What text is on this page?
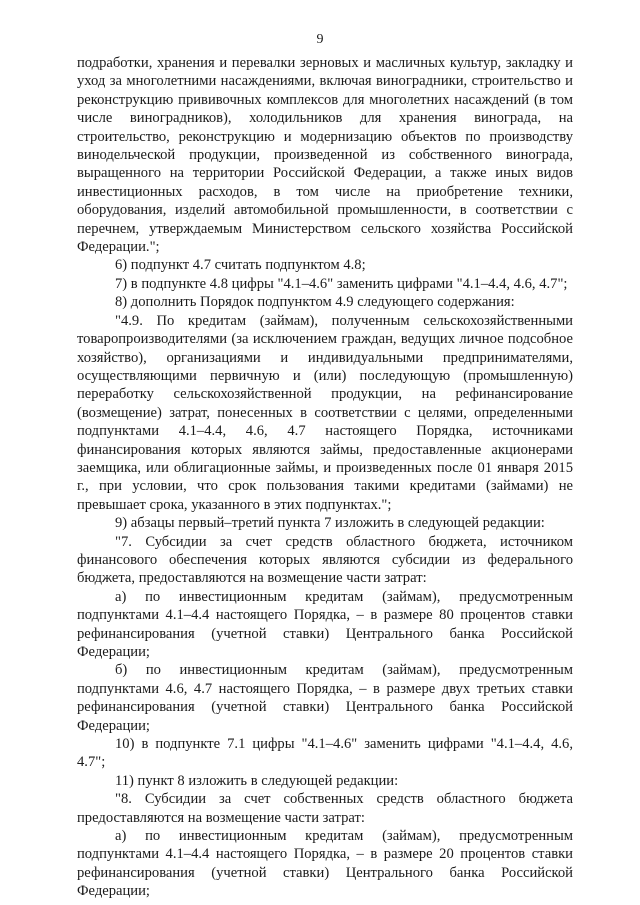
9

подработки, хранения и перевалки зерновых и масличных культур, закладку и уход за многолетними насаждениями, включая виноградники, строительство и реконструкцию прививочных комплексов для многолетних насаждений (в том числе виноградников), холодильников для хранения винограда, на строительство, реконструкцию и модернизацию объектов по производству винодельческой продукции, произведенной из собственного винограда, выращенного на территории Российской Федерации, а также иных видов инвестиционных расходов, в том числе на приобретение техники, оборудования, изделий автомобильной промышленности, в соответствии с перечнем, утверждаемым Министерством сельского хозяйства Российской Федерации.";

6) подпункт 4.7 считать подпунктом 4.8;

7) в подпункте 4.8 цифры "4.1–4.6" заменить цифрами "4.1–4.4, 4.6, 4.7";

8) дополнить Порядок подпунктом 4.9 следующего содержания:

"4.9. По кредитам (займам), полученным сельскохозяйственными товаропроизводителями (за исключением граждан, ведущих личное подсобное хозяйство), организациями и индивидуальными предпринимателями, осуществляющими первичную и (или) последующую (промышленную) переработку сельскохозяйственной продукции, на рефинансирование (возмещение) затрат, понесенных в соответствии с целями, определенными подпунктами 4.1–4.4, 4.6, 4.7 настоящего Порядка, источниками финансирования которых являются займы, предоставленные акционерами заемщика, или облигационные займы, и произведенных после 01 января 2015 г., при условии, что срок пользования такими кредитами (займами) не превышает срока, указанного в этих подпунктах.";

9) абзацы первый–третий пункта 7 изложить в следующей редакции:

"7. Субсидии за счет средств областного бюджета, источником финансового обеспечения которых являются субсидии из федерального бюджета, предоставляются на возмещение части затрат:

а) по инвестиционным кредитам (займам), предусмотренным подпунктами 4.1–4.4 настоящего Порядка, – в размере 80 процентов ставки рефинансирования (учетной ставки) Центрального банка Российской Федерации;

б) по инвестиционным кредитам (займам), предусмотренным подпунктами 4.6, 4.7 настоящего Порядка, – в размере двух третьих ставки рефинансирования (учетной ставки) Центрального банка Российской Федерации;

10) в подпункте 7.1 цифры "4.1–4.6" заменить цифрами "4.1–4.4, 4.6, 4.7";

11) пункт 8 изложить в следующей редакции:

"8. Субсидии за счет собственных средств областного бюджета предоставляются на возмещение части затрат:

а) по инвестиционным кредитам (займам), предусмотренным подпунктами 4.1–4.4 настоящего Порядка, – в размере 20 процентов ставки рефинансирования (учетной ставки) Центрального банка Российской Федерации;
